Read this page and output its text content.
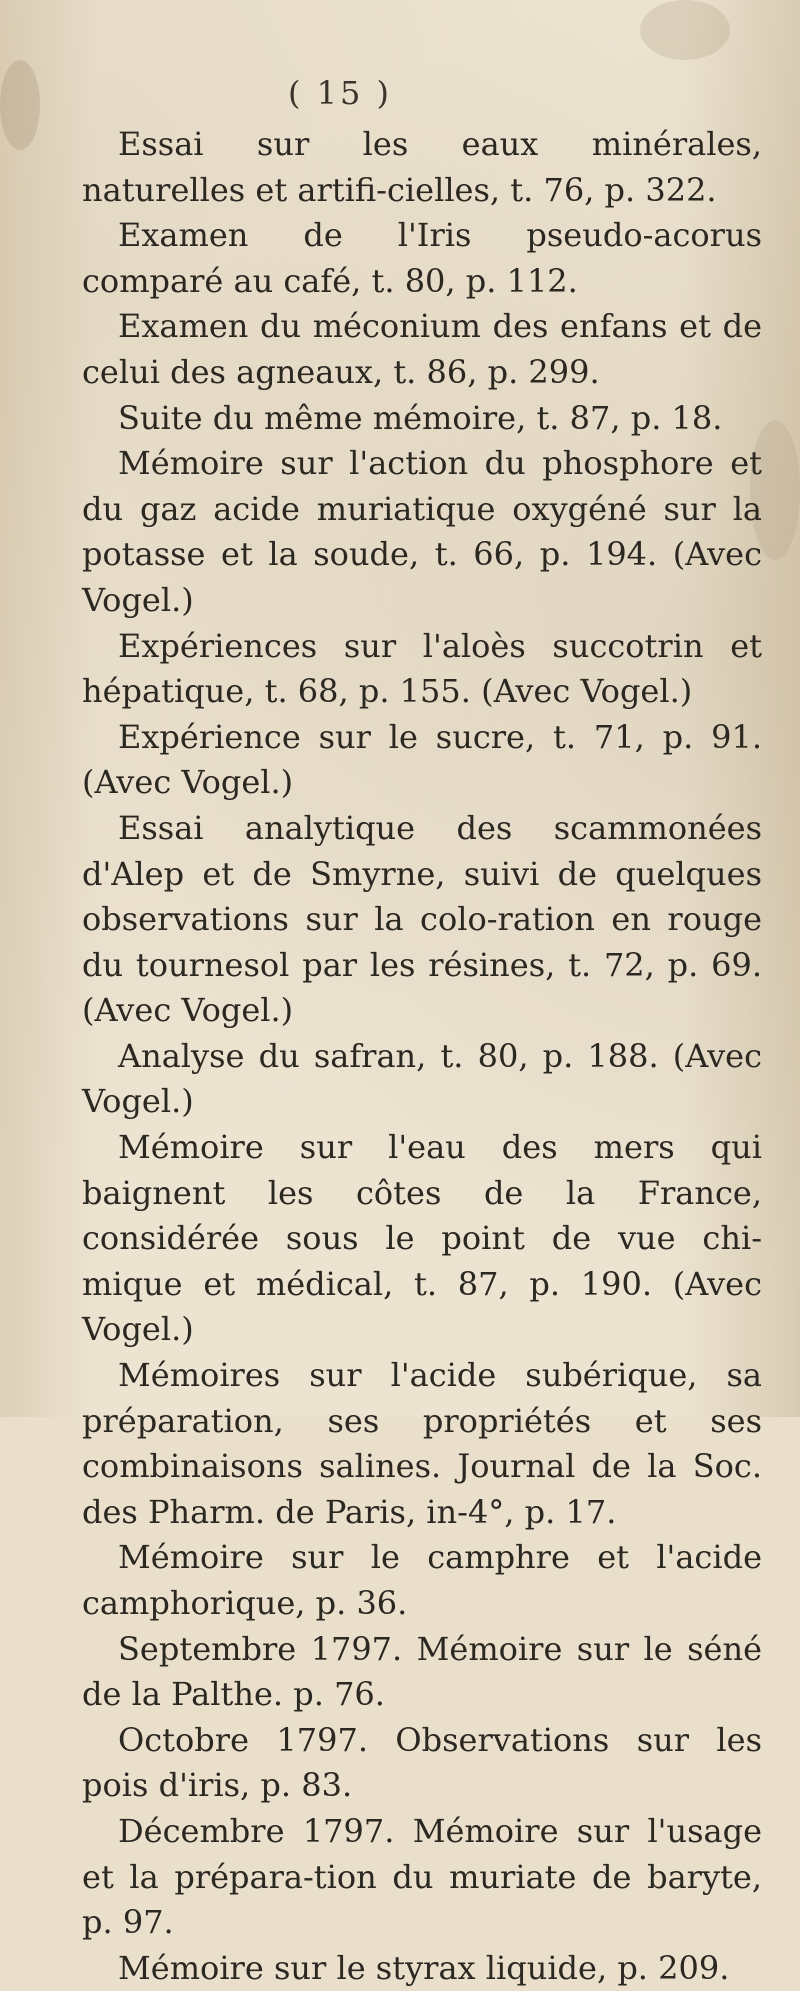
( 15 )

Essai sur les eaux minérales, naturelles et artifi-cielles, t. 76, p. 322.

Examen de l'Iris pseudo-acorus comparé au café, t. 80, p. 112.

Examen du méconium des enfans et de celui des agneaux, t. 86, p. 299.

Suite du même mémoire, t. 87, p. 18.

Mémoire sur l'action du phosphore et du gaz acide muriatique oxygéné sur la potasse et la soude, t. 66, p. 194. (Avec Vogel.)

Expériences sur l'aloès succotrin et hépatique, t. 68, p. 155. (Avec Vogel.)

Expérience sur le sucre, t. 71, p. 91. (Avec Vogel.)

Essai analytique des scammonées d'Alep et de Smyrne, suivi de quelques observations sur la colo-ration en rouge du tournesol par les résines, t. 72, p. 69. (Avec Vogel.)

Analyse du safran, t. 80, p. 188. (Avec Vogel.)

Mémoire sur l'eau des mers qui baignent les côtes de la France, considérée sous le point de vue chi-mique et médical, t. 87, p. 190. (Avec Vogel.)

Mémoires sur l'acide subérique, sa préparation, ses propriétés et ses combinaisons salines. Journal de la Soc. des Pharm. de Paris, in-4°, p. 17.

Mémoire sur le camphre et l'acide camphorique, p. 36.

Septembre 1797. Mémoire sur le séné de la Palthe. p. 76.

Octobre 1797. Observations sur les pois d'iris, p. 83.

Décembre 1797. Mémoire sur l'usage et la prépara-tion du muriate de baryte, p. 97.

Mémoire sur le styrax liquide, p. 209.
